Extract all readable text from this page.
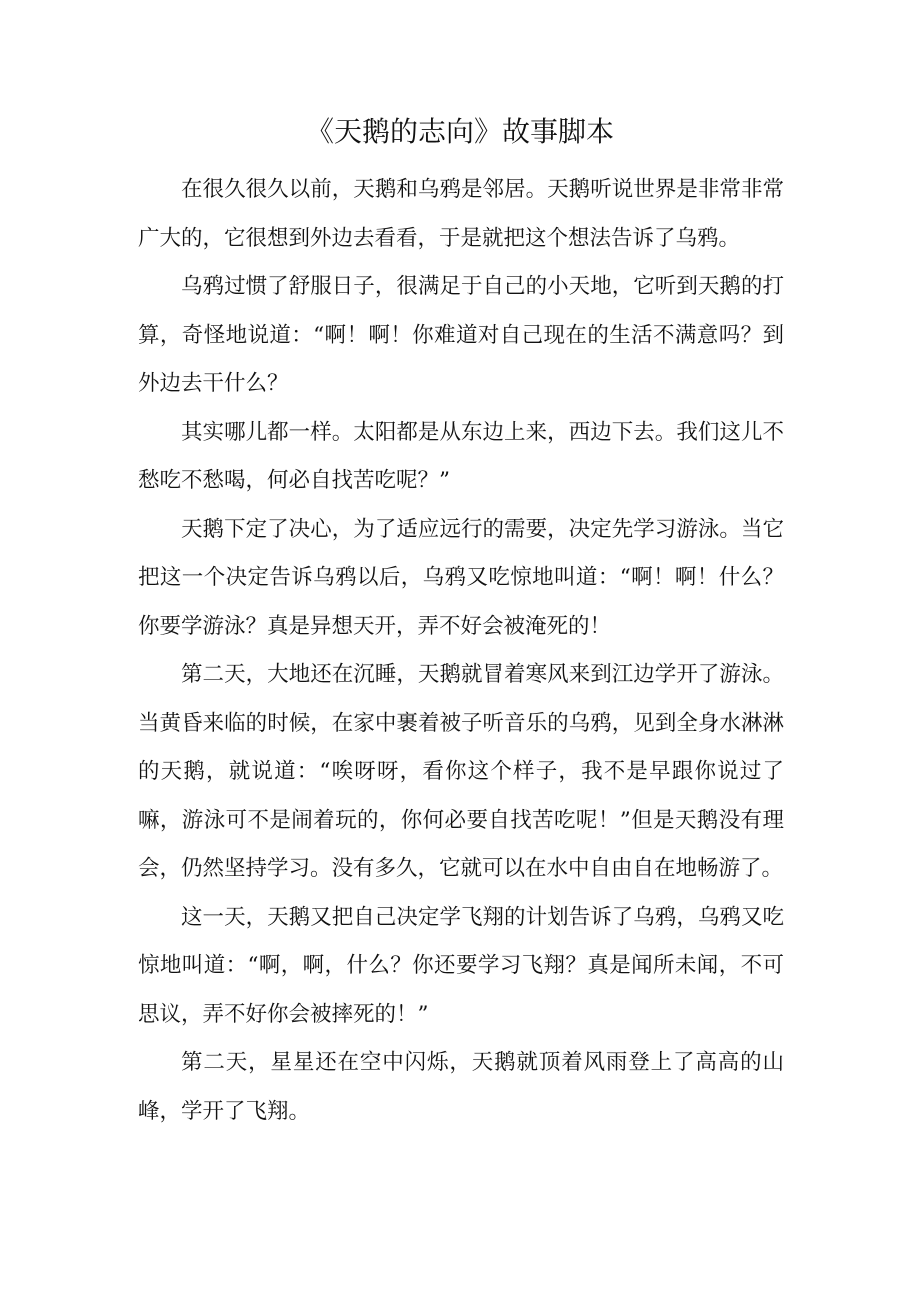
《天鹅的志向》故事脚本

在很久很久以前，天鹅和乌鸦是邻居。天鹅听说世界是非常非常广大的，它很想到外边去看看，于是就把这个想法告诉了乌鸦。

乌鸦过惯了舒服日子，很满足于自己的小天地，它听到天鹅的打算，奇怪地说道：“啊！啊！你难道对自己现在的生活不满意吗？到外边去干什么？

其实哪儿都一样。太阳都是从东边上来，西边下去。我们这儿不愁吃不愁喝，何必自找苦吃呢？”

天鹅下定了决心，为了适应远行的需要，决定先学习游泳。当它把这一个决定告诉乌鸦以后，乌鸦又吃惊地叫道：“啊！啊！什么？你要学游泳？真是异想天开，弄不好会被淹死的！

第二天，大地还在沉睡，天鹅就冒着寒风来到江边学开了游泳。当黄昏来临的时候，在家中裹着被子听音乐的乌鸦，见到全身水淋淋的天鹅，就说道：“唉呀呀，看你这个样子，我不是早跟你说过了嘛，游泳可不是闹着玩的，你何必要自找苦吃呢！”但是天鹅没有理会，仍然坚持学习。没有多久，它就可以在水中自由自在地畅游了。

这一天，天鹅又把自己决定学飞翔的计划告诉了乌鸦，乌鸦又吃惊地叫道：“啊，啊，什么？你还要学习飞翔？真是闻所未闻，不可思议，弄不好你会被摔死的！”

第二天，星星还在空中闪烁，天鹅就顶着风雨登上了高高的山峰，学开了飞翔。
